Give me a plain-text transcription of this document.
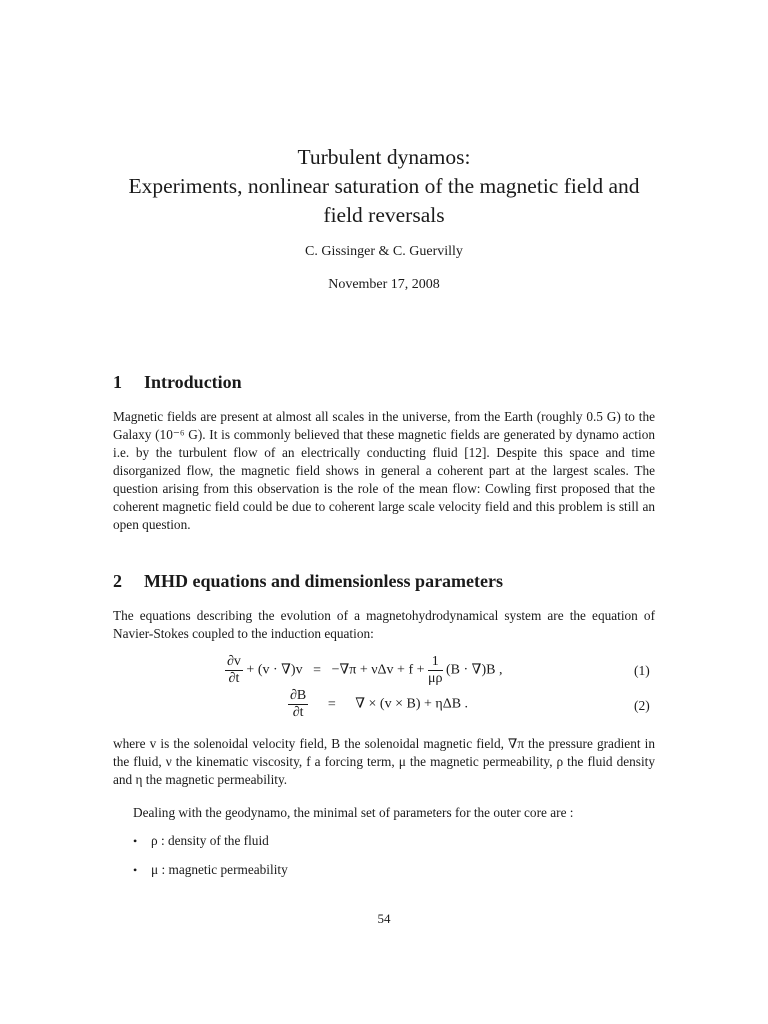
Turbulent dynamos:
Experiments, nonlinear saturation of the magnetic field and
field reversals
C. Gissinger & C. Guervilly
November 17, 2008
1 Introduction
Magnetic fields are present at almost all scales in the universe, from the Earth (roughly 0.5 G) to the Galaxy (10⁻⁶ G). It is commonly believed that these magnetic fields are generated by dynamo action i.e. by the turbulent flow of an electrically conducting fluid [12]. Despite this space and time disorganized flow, the magnetic field shows in general a coherent part at the largest scales. The question arising from this observation is the role of the mean flow: Cowling first proposed that the coherent magnetic field could be due to coherent large scale velocity field and this problem is still an open question.
2 MHD equations and dimensionless parameters
The equations describing the evolution of a magnetohydrodynamical system are the equation of Navier-Stokes coupled to the induction equation:
$\frac{\partial v}{\partial t} + (v \cdot \nabla)v = -\nabla\pi + \nu\Delta v + f + \frac{1}{\mu\rho} (B \cdot \nabla)B$ ,	(1)
$\frac{\partial B}{\partial t}$ = ∇ × (v × B) + ηΔB .	(2)
where v is the solenoidal velocity field, B the solenoidal magnetic field, ∇π the pressure gradient in the fluid, ν the kinematic viscosity, f a forcing term, μ the magnetic permeability, ρ the fluid density and η the magnetic permeability.
Dealing with the geodynamo, the minimal set of parameters for the outer core are :
• ρ : density of the fluid
• μ : magnetic permeability
54
